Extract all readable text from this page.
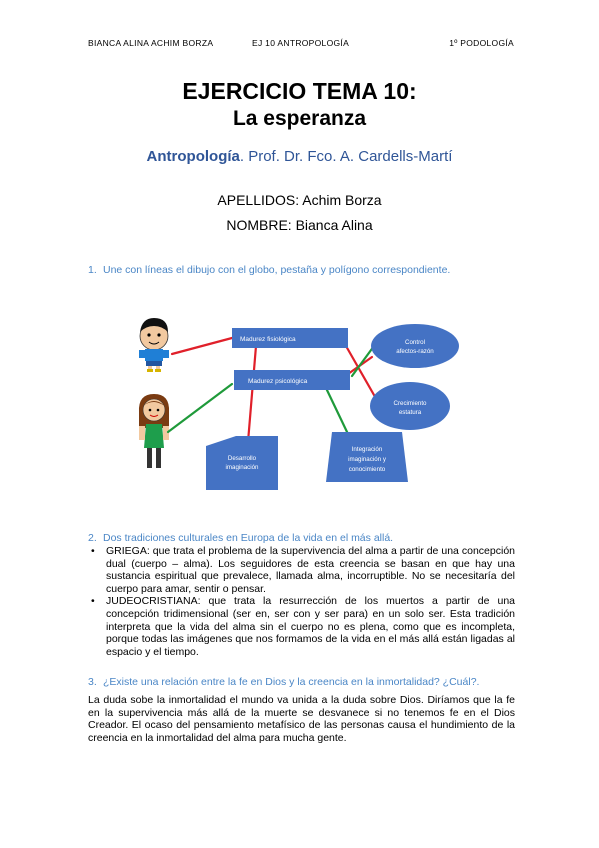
BIANCA ALINA ACHIM BORZA	EJ 10 ANTROPOLOGÍA	1º PODOLOGÍA
EJERCICIO TEMA 10:
La esperanza
Antropología. Prof. Dr. Fco. A. Cardells-Martí
APELLIDOS: Achim Borza
NOMBRE: Bianca Alina
1. Une con líneas el dibujo con el globo, pestaña y polígono correspondiente.
Madurez fisiológica
Madurez psicológica
Control
afectos-razón
Crecimiento
estatura
Desarrollo
imaginación
Integración
imaginación y
conocimiento
2. Dos tradiciones culturales en Europa de la vida en el más allá.
• GRIEGA: que trata el problema de la supervivencia del alma a partir de una concepción dual (cuerpo – alma). Los seguidores de esta creencia se basan en que hay una sustancia espiritual que prevalece, llamada alma, incorruptible. No se necesitaría del cuerpo para amar, sentir o pensar.
• JUDEOCRISTIANA: que trata la resurrección de los muertos a partir de una concepción tridimensional (ser en, ser con y ser para) en un solo ser. Esta tradición interpreta que la vida del alma sin el cuerpo no es plena, como que es incompleta, porque todas las imágenes que nos formamos de la vida en el más allá están ligadas al espacio y el tiempo.
3. ¿Existe una relación entre la fe en Dios y la creencia en la inmortalidad? ¿Cuál?.
La duda sobe la inmortalidad el mundo va unida a la duda sobre Dios. Diríamos que la fe en la supervivencia más allá de la muerte se desvanece si no tenemos fe en el Dios Creador. El ocaso del pensamiento metafísico de las personas causa el hundimiento de la creencia en la inmortalidad del alma para mucha gente.
